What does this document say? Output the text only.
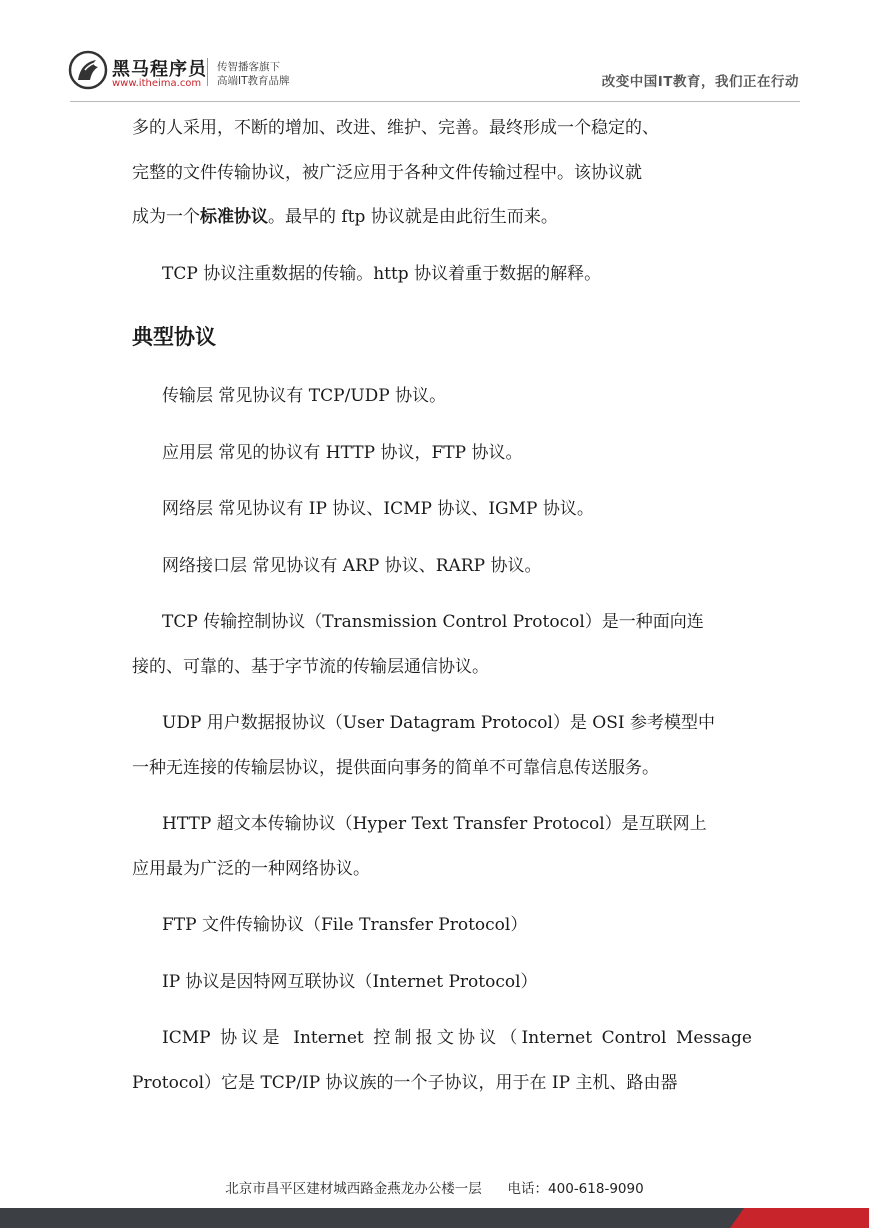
黑马程序员
www.itheima.com
传智播客旗下
高端IT教育品牌	改变中国IT教育，我们正在行动

多的人采用，不断的增加、改进、维护、完善。最终形成一个稳定的、

完整的文件传输协议，被广泛应用于各种文件传输过程中。该协议就

成为一个标准协议。最早的 ftp 协议就是由此衍生而来。

TCP 协议注重数据的传输。http 协议着重于数据的解释。

典型协议

传输层 常见协议有 TCP/UDP 协议。

应用层 常见的协议有 HTTP 协议，FTP 协议。

网络层 常见协议有 IP 协议、ICMP 协议、IGMP 协议。

网络接口层 常见协议有 ARP 协议、RARP 协议。

TCP 传输控制协议（Transmission Control Protocol）是一种面向连

接的、可靠的、基于字节流的传输层通信协议。

UDP 用户数据报协议（User Datagram Protocol）是 OSI 参考模型中

一种无连接的传输层协议，提供面向事务的简单不可靠信息传送服务。

HTTP 超文本传输协议（Hyper Text Transfer Protocol）是互联网上

应用最为广泛的一种网络协议。

FTP 文件传输协议（File Transfer Protocol）

IP 协议是因特网互联协议（Internet Protocol）

ICMP 协议是 Internet 控制报文协议（Internet Control Message

Protocol）它是 TCP/IP 协议族的一个子协议，用于在 IP 主机、路由器

北京市昌平区建材城西路金燕龙办公楼一层 电话：400-618-9090
